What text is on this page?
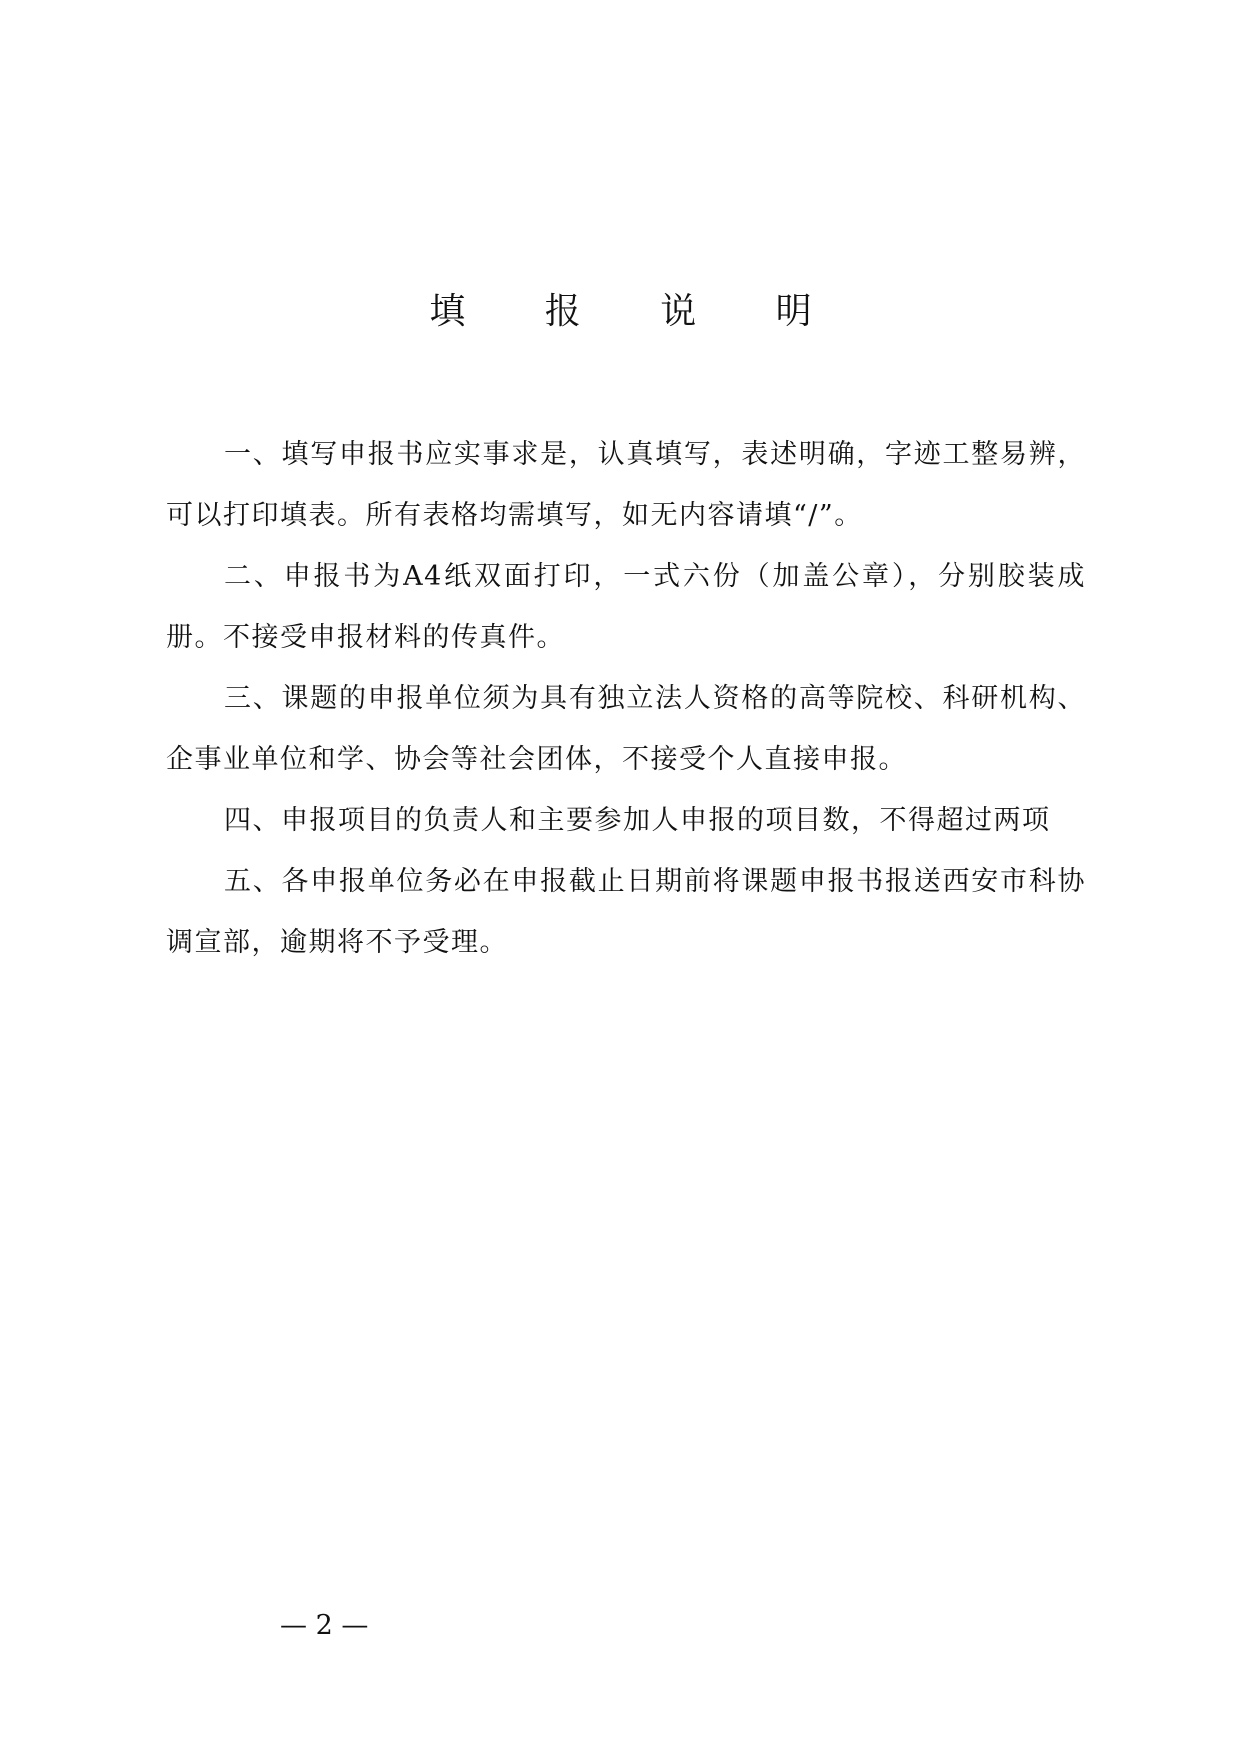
填 报 说 明

一、填写申报书应实事求是，认真填写，表述明确，字迹工整易辨，可以打印填表。所有表格均需填写，如无内容请填“/”。

二、申报书为A4纸双面打印，一式六份（加盖公章），分别胶装成册。不接受申报材料的传真件。

三、课题的申报单位须为具有独立法人资格的高等院校、科研机构、企事业单位和学、协会等社会团体，不接受个人直接申报。

四、申报项目的负责人和主要参加人申报的项目数，不得超过两项

五、各申报单位务必在申报截止日期前将课题申报书报送西安市科协调宣部，逾期将不予受理。

— 2 —
